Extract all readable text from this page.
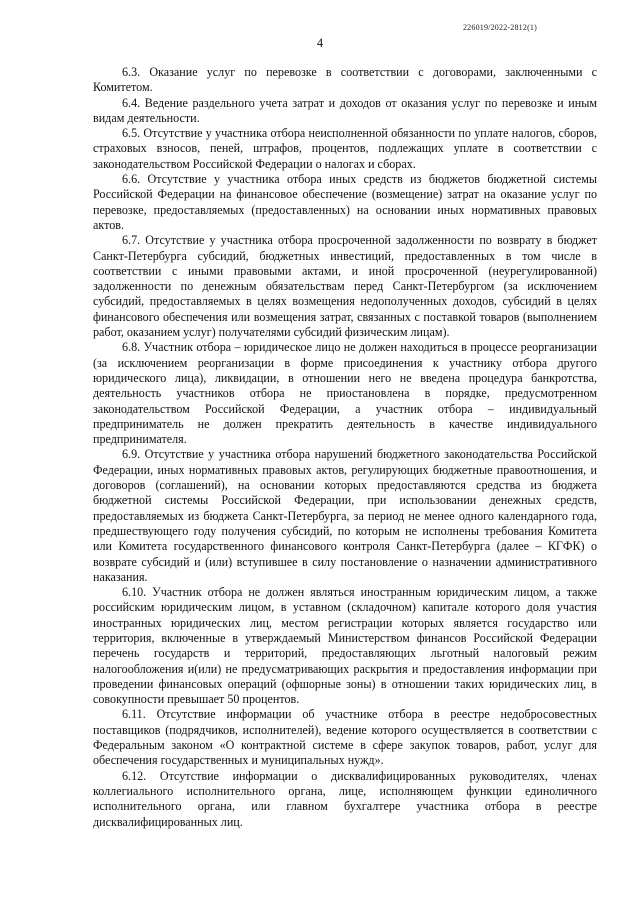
226019/2022-2812(1)
4

6.3. Оказание услуг по перевозке в соответствии с договорами, заключенными с Комитетом.

6.4. Ведение раздельного учета затрат и доходов от оказания услуг по перевозке и иным видам деятельности.

6.5. Отсутствие у участника отбора неисполненной обязанности по уплате налогов, сборов, страховых взносов, пеней, штрафов, процентов, подлежащих уплате в соответствии с законодательством Российской Федерации о налогах и сборах.

6.6. Отсутствие у участника отбора иных средств из бюджетов бюджетной системы Российской Федерации на финансовое обеспечение (возмещение) затрат на оказание услуг по перевозке, предоставляемых (предоставленных) на основании иных нормативных правовых актов.

6.7. Отсутствие у участника отбора просроченной задолженности по возврату в бюджет Санкт-Петербурга субсидий, бюджетных инвестиций, предоставленных в том числе в соответствии с иными правовыми актами, и иной просроченной (неурегулированной) задолженности по денежным обязательствам перед Санкт-Петербургом (за исключением субсидий, предоставляемых в целях возмещения недополученных доходов, субсидий в целях финансового обеспечения или возмещения затрат, связанных с поставкой товаров (выполнением работ, оказанием услуг) получателями субсидий физическим лицам).

6.8. Участник отбора – юридическое лицо не должен находиться в процессе реорганизации (за исключением реорганизации в форме присоединения к участнику отбора другого юридического лица), ликвидации, в отношении него не введена процедура банкротства, деятельность участников отбора не приостановлена в порядке, предусмотренном законодательством Российской Федерации, а участник отбора – индивидуальный предприниматель не должен прекратить деятельность в качестве индивидуального предпринимателя.

6.9. Отсутствие у участника отбора нарушений бюджетного законодательства Российской Федерации, иных нормативных правовых актов, регулирующих бюджетные правоотношения, и договоров (соглашений), на основании которых предоставляются средства из бюджета бюджетной системы Российской Федерации, при использовании денежных средств, предоставляемых из бюджета Санкт-Петербурга, за период не менее одного календарного года, предшествующего году получения субсидий, по которым не исполнены требования Комитета или Комитета государственного финансового контроля Санкт-Петербурга (далее – КГФК) о возврате субсидий и (или) вступившее в силу постановление о назначении административного наказания.

6.10. Участник отбора не должен являться иностранным юридическим лицом, а также российским юридическим лицом, в уставном (складочном) капитале которого доля участия иностранных юридических лиц, местом регистрации которых является государство или территория, включенные в утверждаемый Министерством финансов Российской Федерации перечень государств и территорий, предоставляющих льготный налоговый режим налогообложения и(или) не предусматривающих раскрытия и предоставления информации при проведении финансовых операций (офшорные зоны) в отношении таких юридических лиц, в совокупности превышает 50 процентов.

6.11. Отсутствие информации об участнике отбора в реестре недобросовестных поставщиков (подрядчиков, исполнителей), ведение которого осуществляется в соответствии с Федеральным законом «О контрактной системе в сфере закупок товаров, работ, услуг для обеспечения государственных и муниципальных нужд».

6.12. Отсутствие информации о дисквалифицированных руководителях, членах коллегиального исполнительного органа, лице, исполняющем функции единоличного исполнительного органа, или главном бухгалтере участника отбора в реестре дисквалифицированных лиц.
